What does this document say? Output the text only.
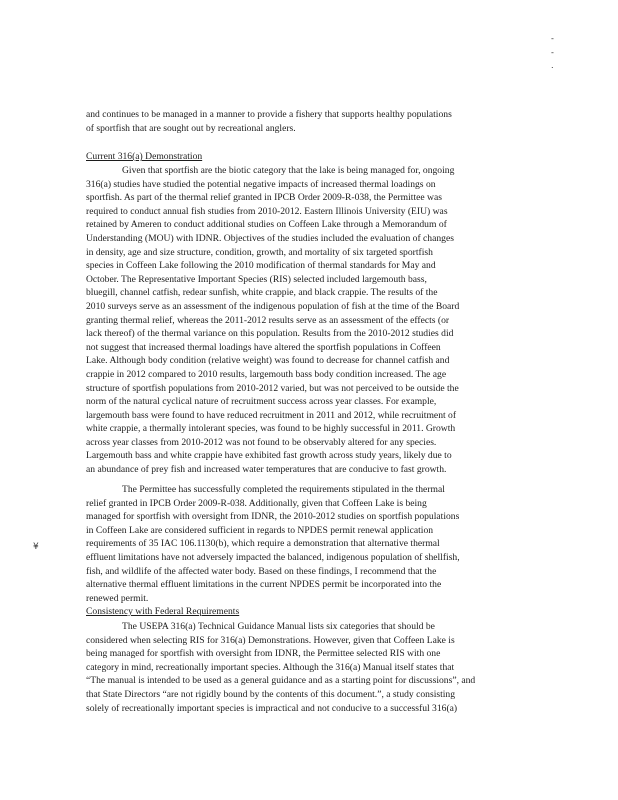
-
-
.
¥
and continues to be managed in a manner to provide a fishery that supports healthy populations
of sportfish that are sought out by recreational anglers.
Current 316(a) Demonstration
Given that sportfish are the biotic category that the lake is being managed for, ongoing
316(a) studies have studied the potential negative impacts of increased thermal loadings on
sportfish. As part of the thermal relief granted in IPCB Order 2009-R-038, the Permittee was
required to conduct annual fish studies from 2010-2012. Eastern Illinois University (EIU) was
retained by Ameren to conduct additional studies on Coffeen Lake through a Memorandum of
Understanding (MOU) with IDNR. Objectives of the studies included the evaluation of changes
in density, age and size structure, condition, growth, and mortality of six targeted sportfish
species in Coffeen Lake following the 2010 modification of thermal standards for May and
October. The Representative Important Species (RIS) selected included largemouth bass,
bluegill, channel catfish, redear sunfish, white crappie, and black crappie. The results of the
2010 surveys serve as an assessment of the indigenous population of fish at the time of the Board
granting thermal relief, whereas the 2011-2012 results serve as an assessment of the effects (or
lack thereof) of the thermal variance on this population. Results from the 2010-2012 studies did
not suggest that increased thermal loadings have altered the sportfish populations in Coffeen
Lake. Although body condition (relative weight) was found to decrease for channel catfish and
crappie in 2012 compared to 2010 results, largemouth bass body condition increased. The age
structure of sportfish populations from 2010-2012 varied, but was not perceived to be outside the
norm of the natural cyclical nature of recruitment success across year classes. For example,
largemouth bass were found to have reduced recruitment in 2011 and 2012, while recruitment of
white crappie, a thermally intolerant species, was found to be highly successful in 2011. Growth
across year classes from 2010-2012 was not found to be observably altered for any species.
Largemouth bass and white crappie have exhibited fast growth across study years, likely due to
an abundance of prey fish and increased water temperatures that are conducive to fast growth.
The Permittee has successfully completed the requirements stipulated in the thermal
relief granted in IPCB Order 2009-R-038. Additionally, given that Coffeen Lake is being
managed for sportfish with oversight from IDNR, the 2010-2012 studies on sportfish populations
in Coffeen Lake are considered sufficient in regards to NPDES permit renewal application
requirements of 35 IAC 106.1130(b), which require a demonstration that alternative thermal
effluent limitations have not adversely impacted the balanced, indigenous population of shellfish,
fish, and wildlife of the affected water body. Based on these findings, I recommend that the
alternative thermal effluent limitations in the current NPDES permit be incorporated into the
renewed permit.
Consistency with Federal Requirements
The USEPA 316(a) Technical Guidance Manual lists six categories that should be
considered when selecting RIS for 316(a) Demonstrations. However, given that Coffeen Lake is
being managed for sportfish with oversight from IDNR, the Permittee selected RIS with one
category in mind, recreationally important species. Although the 316(a) Manual itself states that
“The manual is intended to be used as a general guidance and as a starting point for discussions”, and
that State Directors “are not rigidly bound by the contents of this document.”, a study consisting
solely of recreationally important species is impractical and not conducive to a successful 316(a)
